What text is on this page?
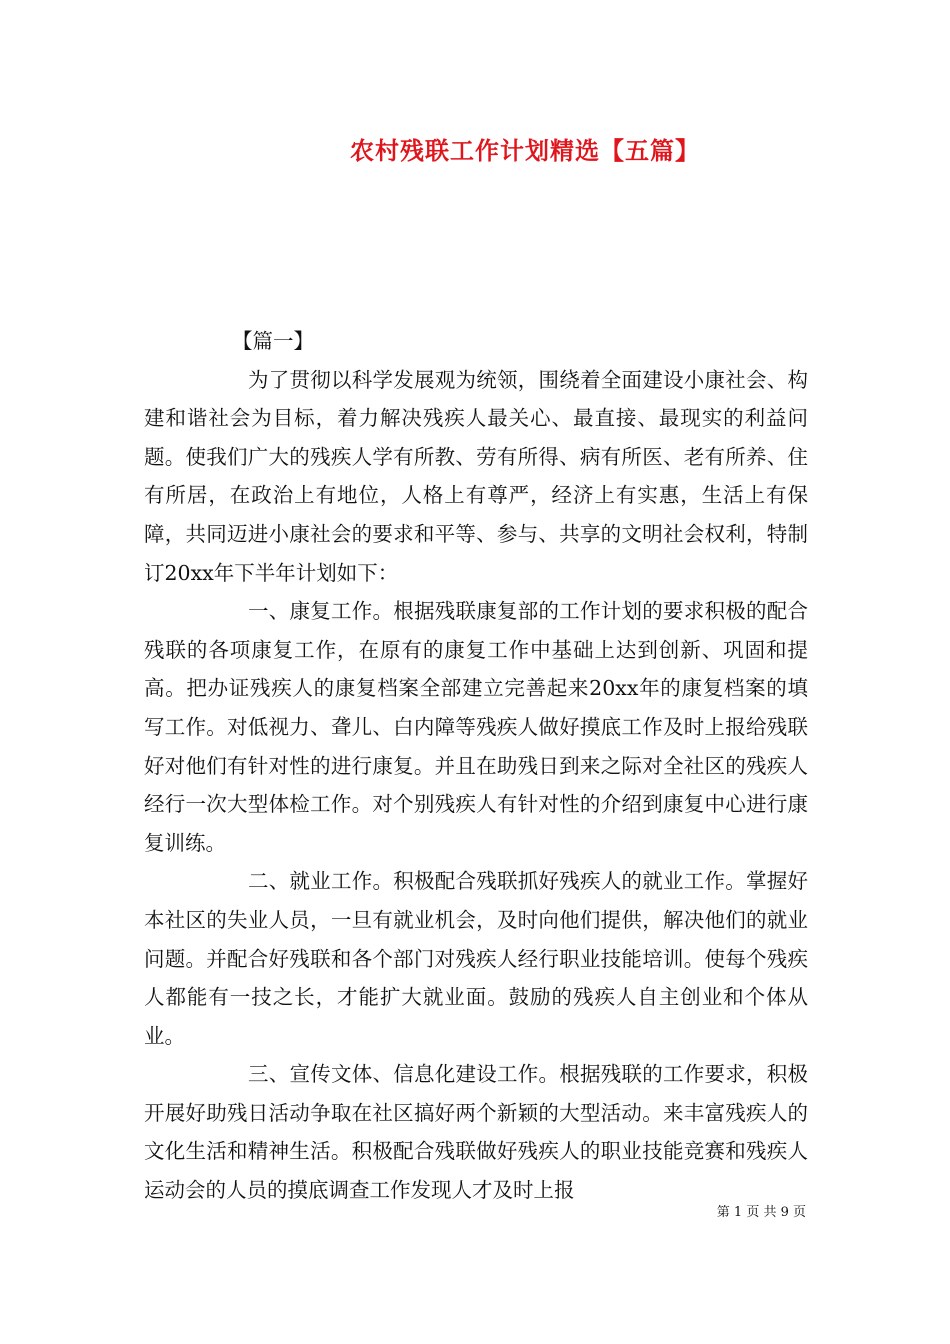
农村残联工作计划精选【五篇】

【篇一】

为了贯彻以科学发展观为统领，围绕着全面建设小康社会、构建和谐社会为目标，着力解决残疾人最关心、最直接、最现实的利益问题。使我们广大的残疾人学有所教、劳有所得、病有所医、老有所养、住有所居，在政治上有地位，人格上有尊严，经济上有实惠，生活上有保障，共同迈进小康社会的要求和平等、参与、共享的文明社会权利，特制订20xx年下半年计划如下：

一、康复工作。根据残联康复部的工作计划的要求积极的配合残联的各项康复工作，在原有的康复工作中基础上达到创新、巩固和提高。把办证残疾人的康复档案全部建立完善起来20xx年的康复档案的填写工作。对低视力、聋儿、白内障等残疾人做好摸底工作及时上报给残联好对他们有针对性的进行康复。并且在助残日到来之际对全社区的残疾人经行一次大型体检工作。对个别残疾人有针对性的介绍到康复中心进行康复训练。

二、就业工作。积极配合残联抓好残疾人的就业工作。掌握好本社区的失业人员，一旦有就业机会，及时向他们提供，解决他们的就业问题。并配合好残联和各个部门对残疾人经行职业技能培训。使每个残疾人都能有一技之长，才能扩大就业面。鼓励的残疾人自主创业和个体从业。

三、宣传文体、信息化建设工作。根据残联的工作要求，积极开展好助残日活动争取在社区搞好两个新颖的大型活动。来丰富残疾人的文化生活和精神生活。积极配合残联做好残疾人的职业技能竞赛和残疾人运动会的人员的摸底调查工作发现人才及时上报

第 1 页 共 9 页
